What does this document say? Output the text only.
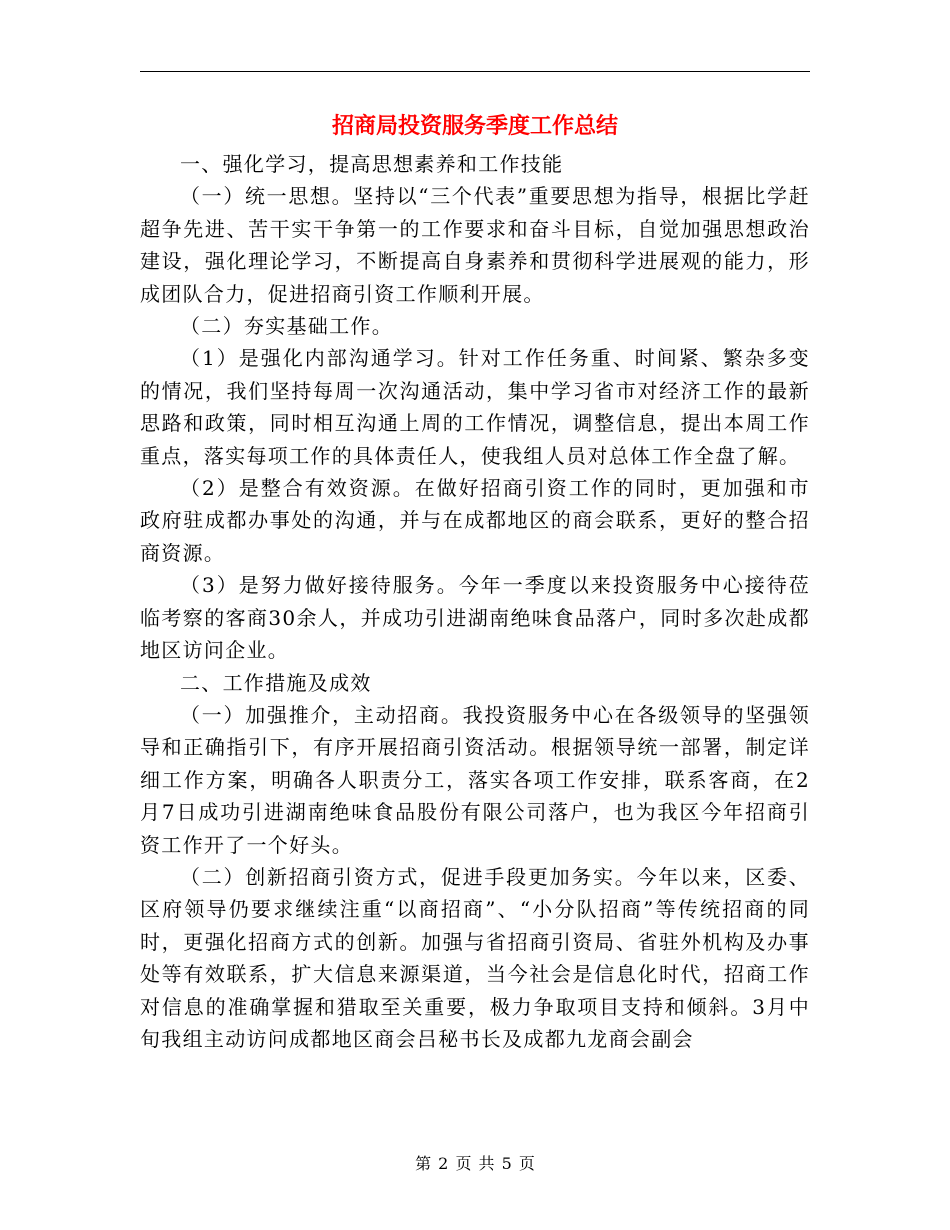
招商局投资服务季度工作总结

一、强化学习，提高思想素养和工作技能

（一）统一思想。坚持以“三个代表”重要思想为指导，根据比学赶超争先进、苦干实干争第一的工作要求和奋斗目标，自觉加强思想政治建设，强化理论学习，不断提高自身素养和贯彻科学进展观的能力，形成团队合力，促进招商引资工作顺利开展。

（二）夯实基础工作。

（1）是强化内部沟通学习。针对工作任务重、时间紧、繁杂多变的情况，我们坚持每周一次沟通活动，集中学习省市对经济工作的最新思路和政策，同时相互沟通上周的工作情况，调整信息，提出本周工作重点，落实每项工作的具体责任人，使我组人员对总体工作全盘了解。

（2）是整合有效资源。在做好招商引资工作的同时，更加强和市政府驻成都办事处的沟通，并与在成都地区的商会联系，更好的整合招商资源。

（3）是努力做好接待服务。今年一季度以来投资服务中心接待莅临考察的客商30余人，并成功引进湖南绝味食品落户，同时多次赴成都地区访问企业。

二、工作措施及成效

（一）加强推介，主动招商。我投资服务中心在各级领导的坚强领导和正确指引下，有序开展招商引资活动。根据领导统一部署，制定详细工作方案，明确各人职责分工，落实各项工作安排，联系客商，在2月7日成功引进湖南绝味食品股份有限公司落户，也为我区今年招商引资工作开了一个好头。

（二）创新招商引资方式，促进手段更加务实。今年以来，区委、区府领导仍要求继续注重“以商招商”、“小分队招商”等传统招商的同时，更强化招商方式的创新。加强与省招商引资局、省驻外机构及办事处等有效联系，扩大信息来源渠道，当今社会是信息化时代，招商工作对信息的准确掌握和猎取至关重要，极力争取项目支持和倾斜。3月中旬我组主动访问成都地区商会吕秘书长及成都九龙商会副会

第 2 页 共 5 页
